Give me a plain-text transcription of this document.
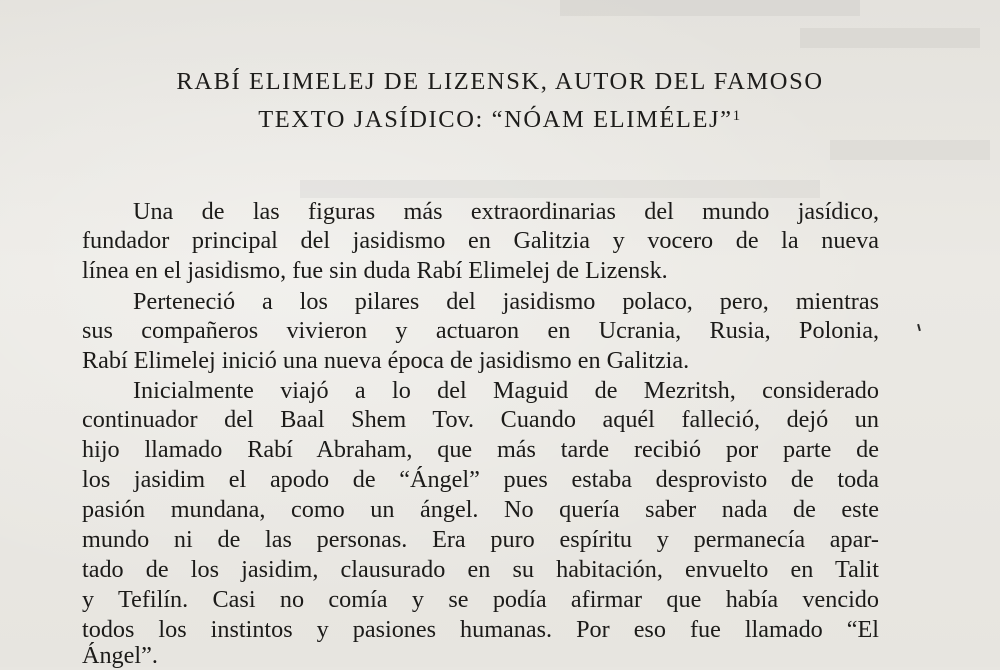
RABÍ ELIMELEJ DE LIZENSK, AUTOR DEL FAMOSO
TEXTO JASÍDICO: “NÓAM ELIMÉLEJ”$^1$
Una de las figuras más extraordinarias del mundo jasídico,
fundador principal del jasidismo en Galitzia y vocero de la nueva
línea en el jasidismo, fue sin duda Rabí Elimelej de Lizensk.
Perteneció a los pilares del jasidismo polaco, pero, mientras
sus compañeros vivieron y actuaron en Ucrania, Rusia, Polonia,
Rabí Elimelej inició una nueva época de jasidismo en Galitzia.
Inicialmente viajó a lo del Maguid de Mezritsh, considerado
continuador del Baal Shem Tov. Cuando aquél falleció, dejó un
hijo llamado Rabí Abraham, que más tarde recibió por parte de
los jasidim el apodo de “Ángel” pues estaba desprovisto de toda
pasión mundana, como un ángel. No quería saber nada de este
mundo ni de las personas. Era puro espíritu y permanecía apar-
tado de los jasidim, clausurado en su habitación, envuelto en Talit
y Tefilín. Casi no comía y se podía afirmar que había vencido
todos los instintos y pasiones humanas. Por eso fue llamado “El
Ángel”.
